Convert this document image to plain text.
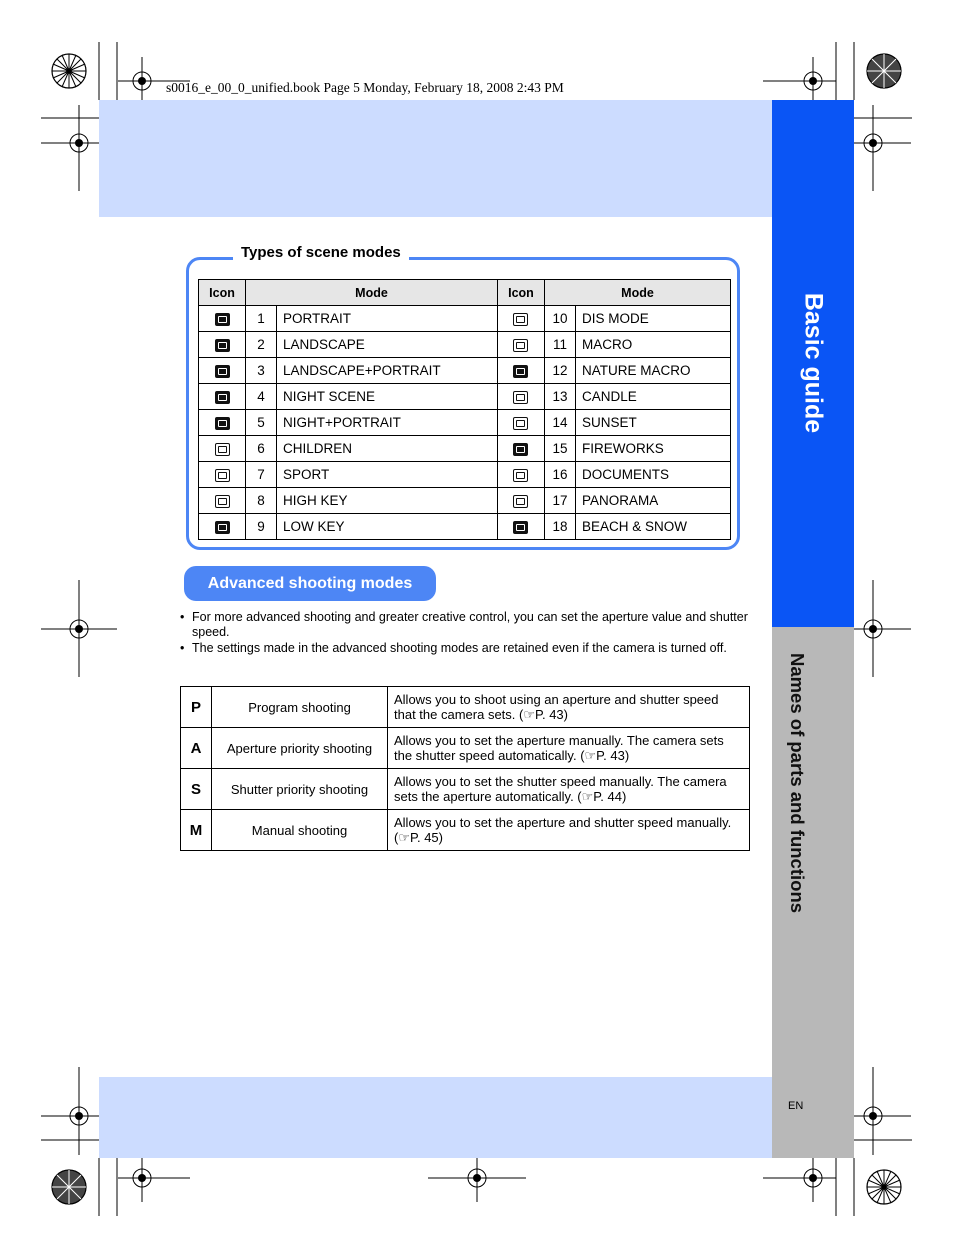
s0016_e_00_0_unified.book Page 5 Monday, February 18, 2008 2:43 PM
Basic guide
Names of parts and functions
EN
Types of scene modes
Icon	Mode		Icon	Mode	
	1	PORTRAIT		10	DIS MODE
	2	LANDSCAPE		11	MACRO
	3	LANDSCAPE+PORTRAIT		12	NATURE MACRO
	4	NIGHT SCENE		13	CANDLE
	5	NIGHT+PORTRAIT		14	SUNSET
	6	CHILDREN		15	FIREWORKS
	7	SPORT		16	DOCUMENTS
	8	HIGH KEY		17	PANORAMA
	9	LOW KEY		18	BEACH & SNOW
Advanced shooting modes
• For more advanced shooting and greater creative control, you can set the aperture value and shutter speed.
• The settings made in the advanced shooting modes are retained even if the camera is turned off.
P	Program shooting	Allows you to shoot using an aperture and shutter speed that the camera sets. (☞P. 43)
A	Aperture priority shooting	Allows you to set the aperture manually. The camera sets the shutter speed automatically. (☞P. 43)
S	Shutter priority shooting	Allows you to set the shutter speed manually. The camera sets the aperture automatically. (☞P. 44)
M	Manual shooting	Allows you to set the aperture and shutter speed manually. (☞P. 45)
